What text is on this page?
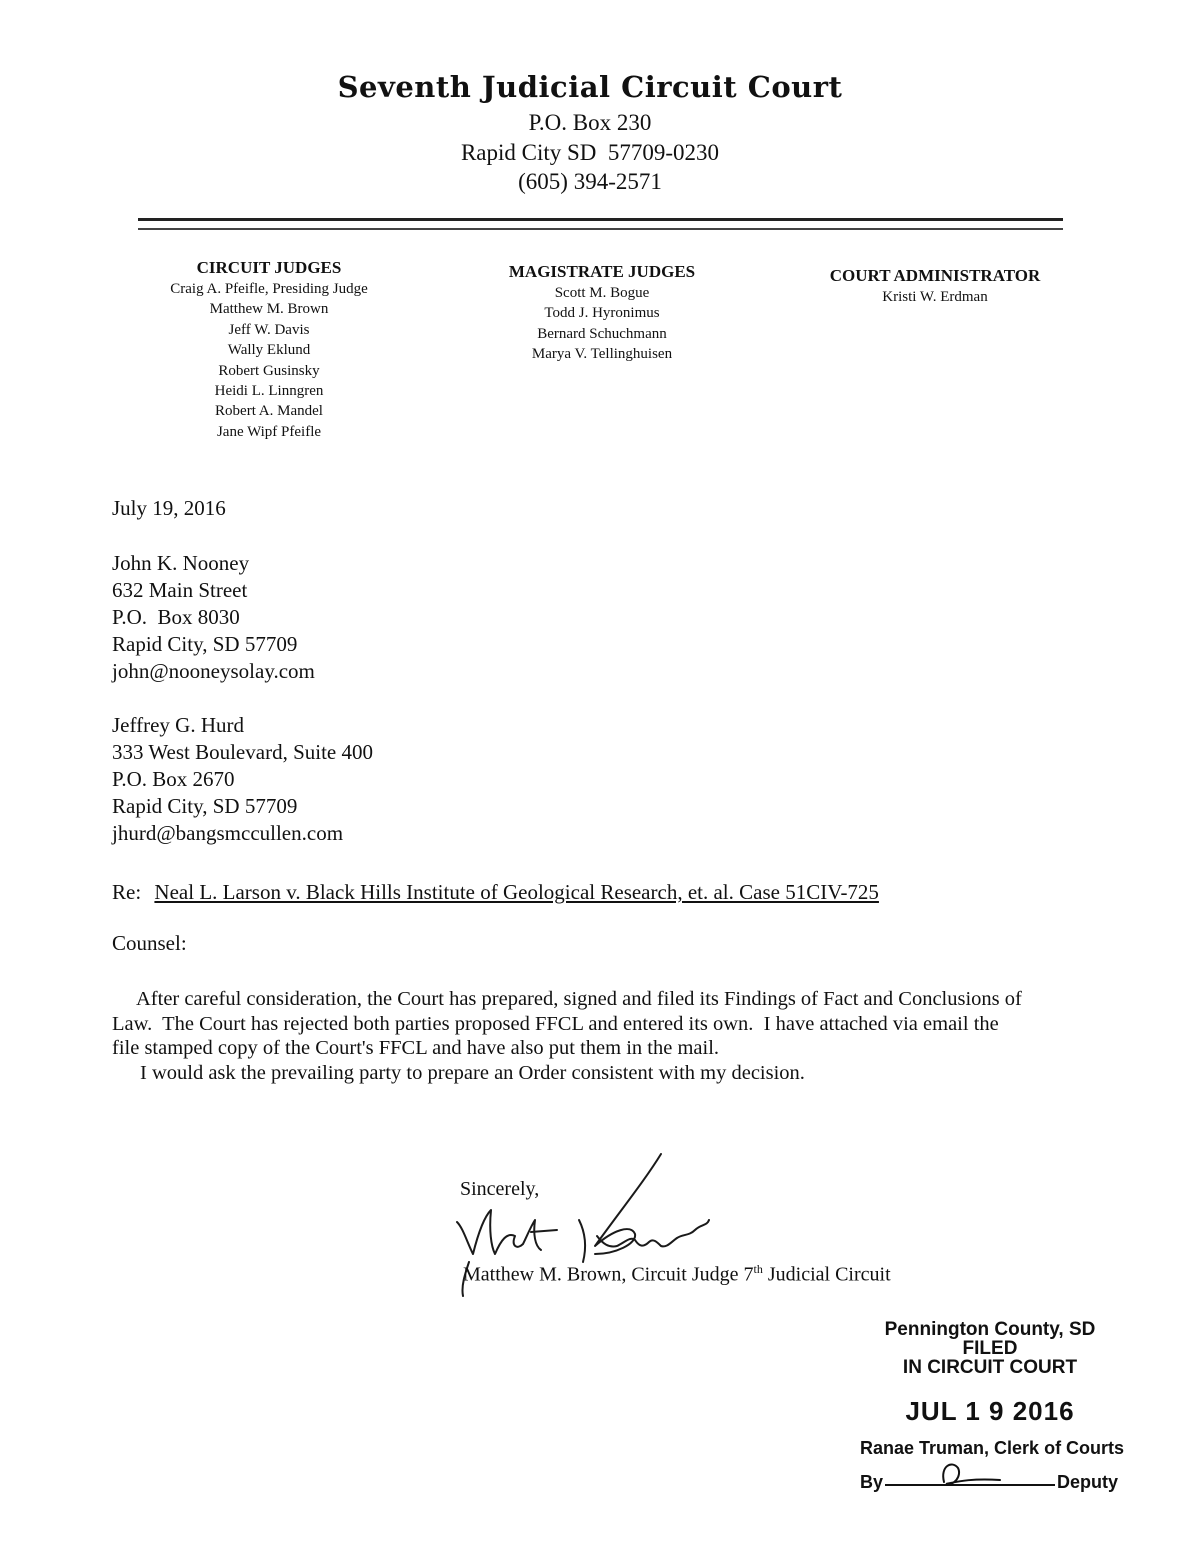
Seventh Judicial Circuit Court
P.O. Box 230
Rapid City SD  57709-0230
(605) 394-2571
CIRCUIT JUDGES
Craig A. Pfeifle, Presiding Judge
Matthew M. Brown
Jeff W. Davis
Wally Eklund
Robert Gusinsky
Heidi L. Linngren
Robert A. Mandel
Jane Wipf Pfeifle
MAGISTRATE JUDGES
Scott M. Bogue
Todd J. Hyronimus
Bernard Schuchmann
Marya V. Tellinghuisen
COURT ADMINISTRATOR
Kristi W. Erdman
July 19, 2016
John K. Nooney
632 Main Street
P.O.  Box 8030
Rapid City, SD 57709
john@nooneysolay.com
Jeffrey G. Hurd
333 West Boulevard, Suite 400
P.O. Box 2670
Rapid City, SD 57709
jhurd@bangsmccullen.com
Re: Neal L. Larson v. Black Hills Institute of Geological Research, et. al. Case 51CIV-725
Counsel:

After careful consideration, the Court has prepared, signed and filed its Findings of Fact and Conclusions of Law.  The Court has rejected both parties proposed FFCL and entered its own.  I have attached via email the file stamped copy of the Court's FFCL and have also put them in the mail.

I would ask the prevailing party to prepare an Order consistent with my decision.

Sincerely,
Matthew M. Brown, Circuit Judge 7th Judicial Circuit
Pennington County, SD
FILED
IN CIRCUIT COURT
JUL 1 9 2016
Ranae Truman, Clerk of Courts
By	Deputy
